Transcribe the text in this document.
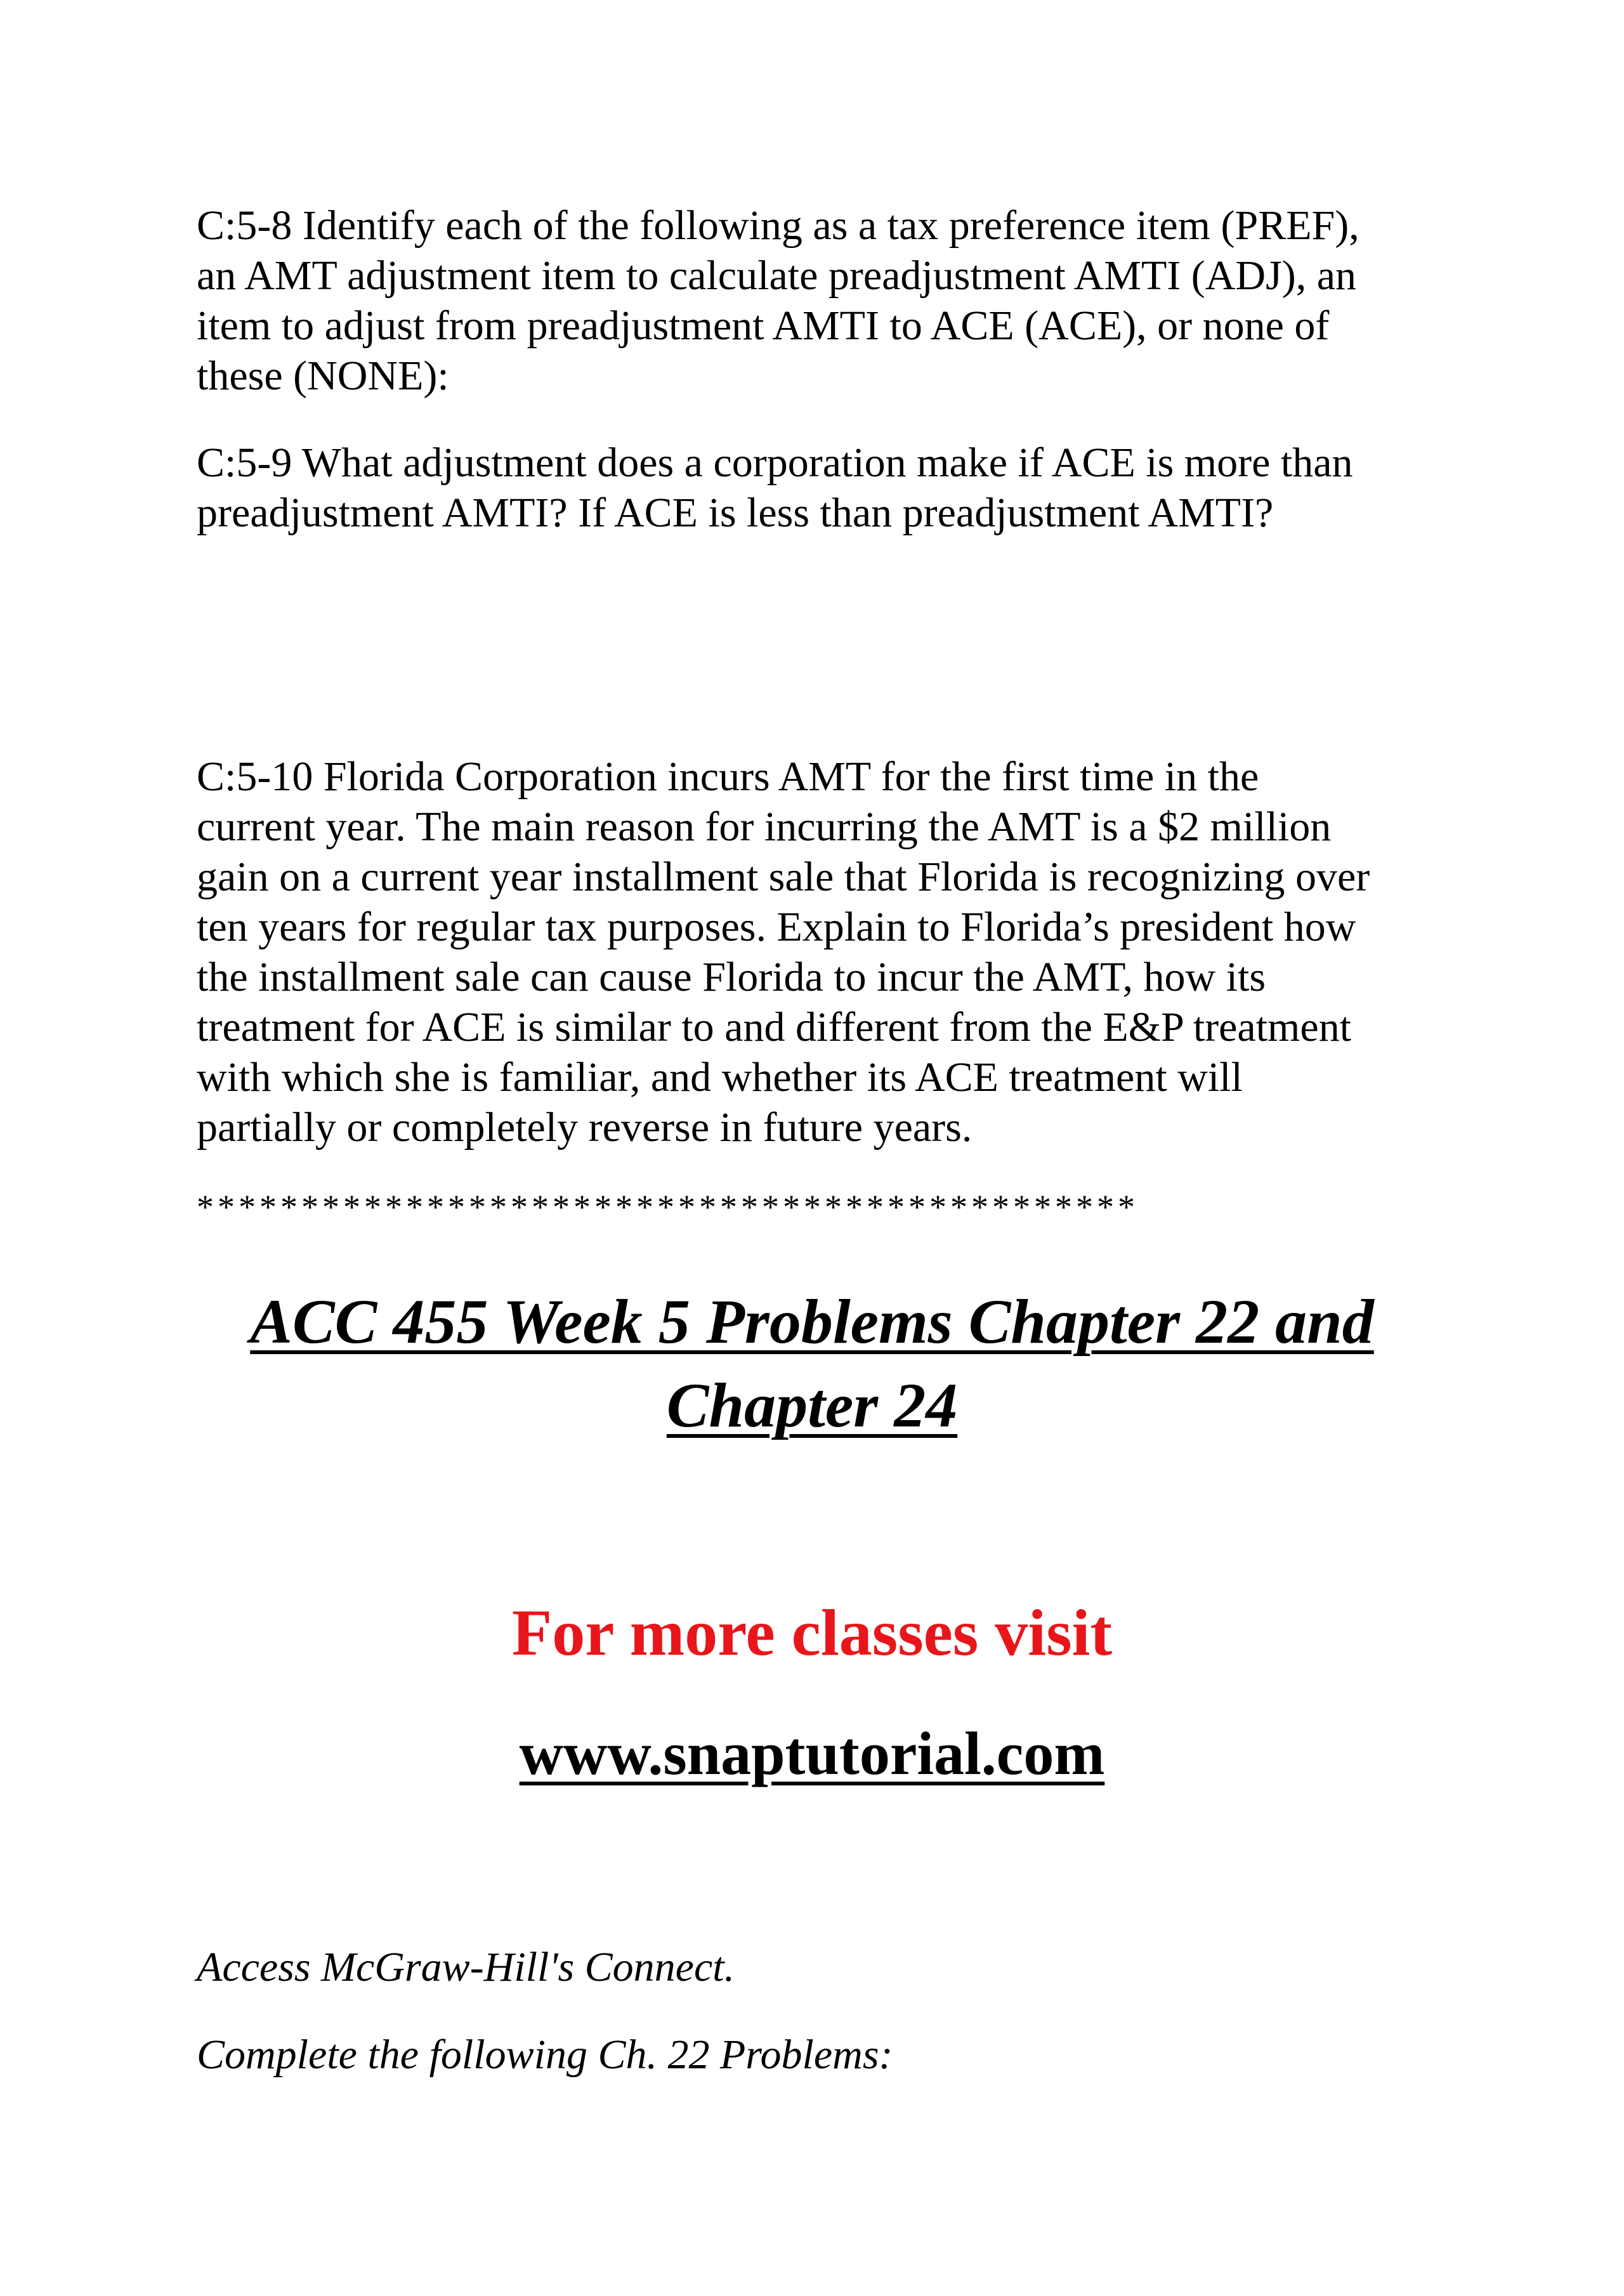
C:5-8 Identify each of the following as a tax preference item (PREF),
an AMT adjustment item to calculate preadjustment AMTI (ADJ), an
item to adjust from preadjustment AMTI to ACE (ACE), or none of
these (NONE):

C:5-9 What adjustment does a corporation make if ACE is more than
preadjustment AMTI? If ACE is less than preadjustment AMTI?

C:5-10 Florida Corporation incurs AMT for the first time in the
current year. The main reason for incurring the AMT is a $2 million
gain on a current year installment sale that Florida is recognizing over
ten years for regular tax purposes. Explain to Florida’s president how
the installment sale can cause Florida to incur the AMT, how its
treatment for ACE is similar to and different from the E&P treatment
with which she is familiar, and whether its ACE treatment will
partially or completely reverse in future years.

*********************************************
ACC 455 Week 5 Problems Chapter 22 and
Chapter 24
For more classes visit
www.snaptutorial.com
Access McGraw-Hill's Connect.
Complete the following Ch. 22 Problems:
